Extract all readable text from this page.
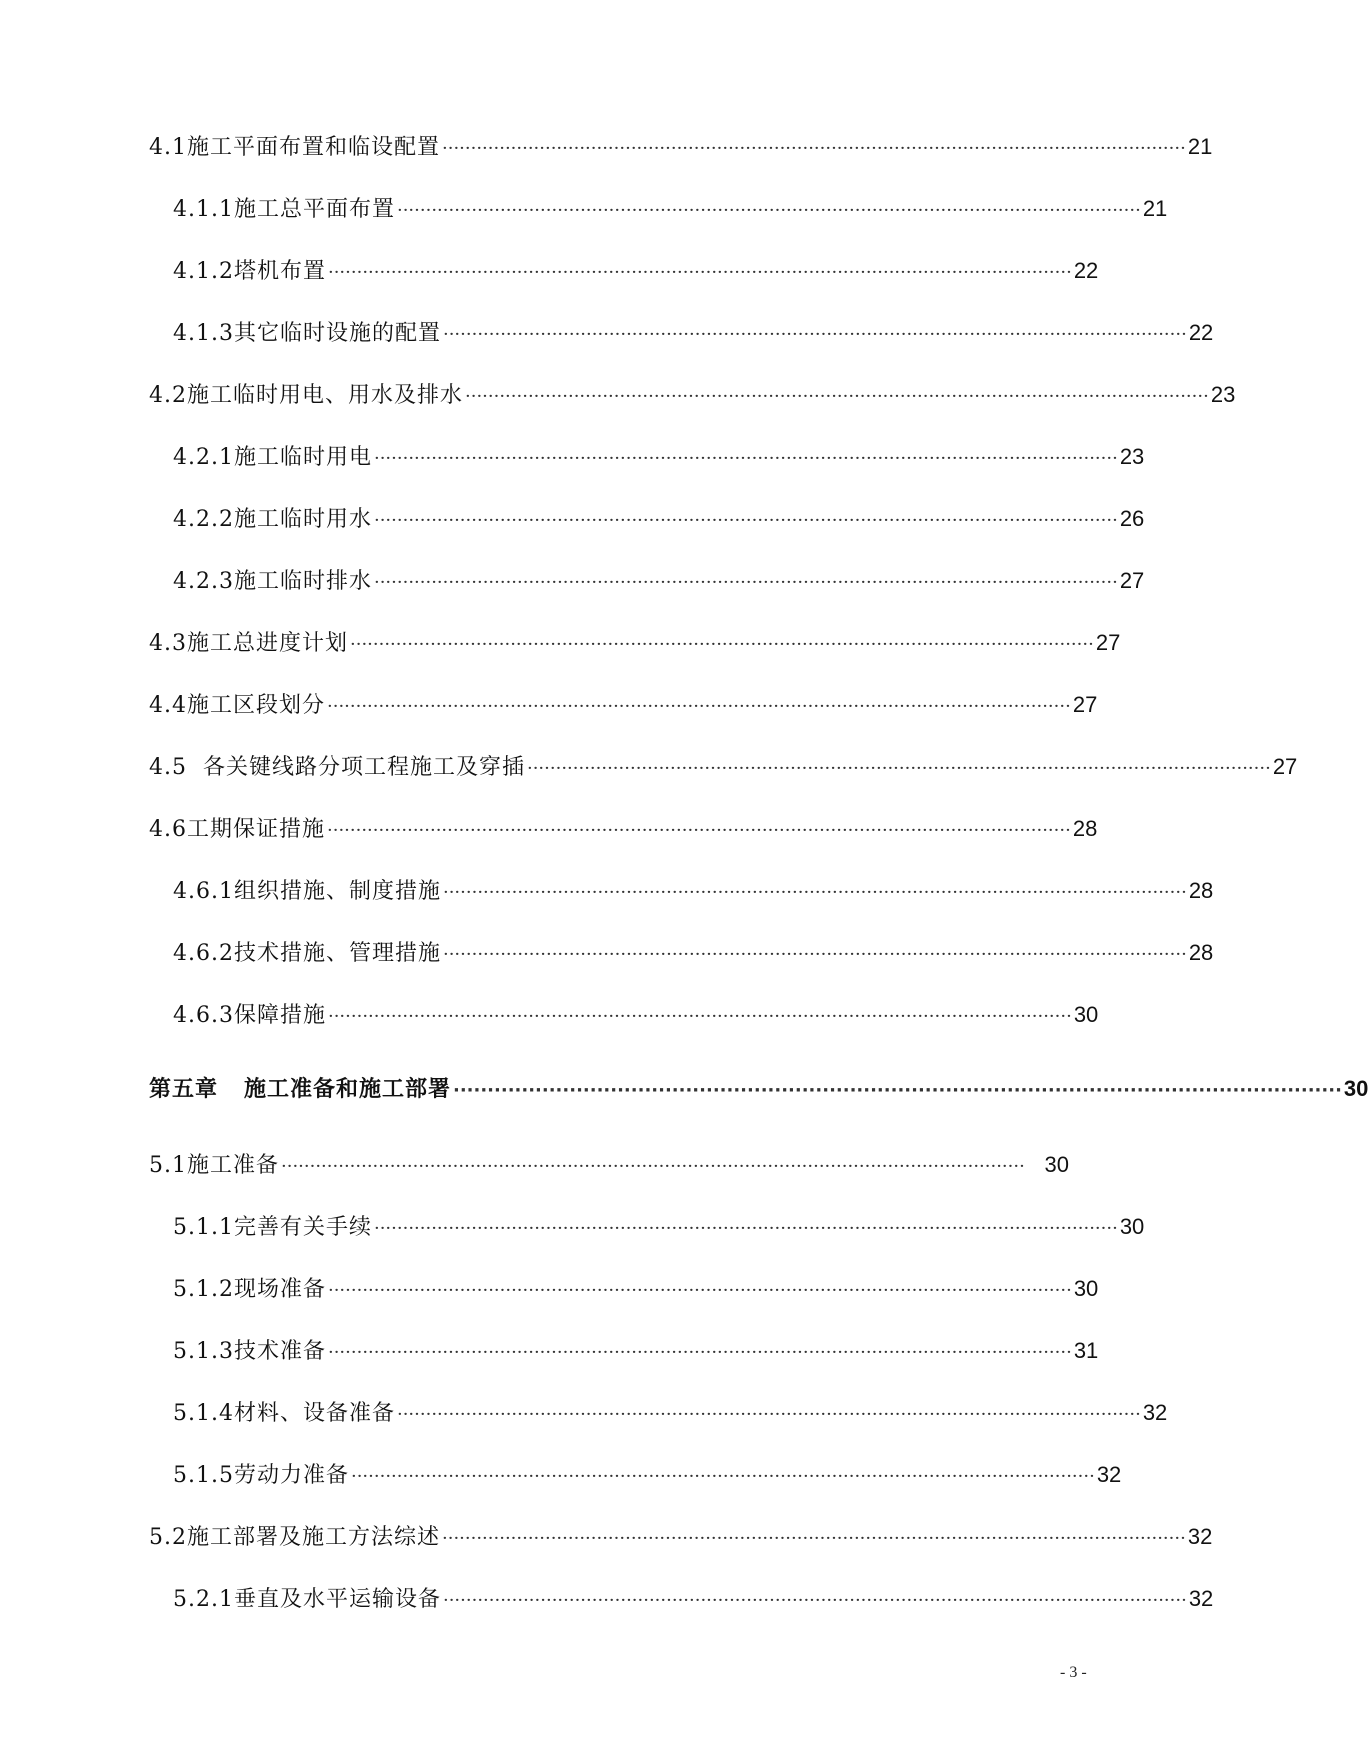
4.1施工平面布置和临设配置 ·································································································································· 21
4.1.1施工总平面布置 ·································································································································· 21
4.1.2塔机布置 ·································································································································· 22
4.1.3其它临时设施的配置 ·································································································································· 22
4.2施工临时用电、用水及排水 ·································································································································· 23
4.2.1施工临时用电 ·································································································································· 23
4.2.2施工临时用水 ·································································································································· 26
4.2.3施工临时排水 ·································································································································· 27
4.3施工总进度计划 ·································································································································· 27
4.4施工区段划分 ·································································································································· 27
4.5  各关键线路分项工程施工及穿插 ·································································································································· 27
4.6工期保证措施 ·································································································································· 28
4.6.1组织措施、制度措施 ·································································································································· 28
4.6.2技术措施、管理措施 ·································································································································· 28
4.6.3保障措施 ·································································································································· 30
第五章   施工准备和施工部署 ·································································································································· 30
5.1施工准备 ·································································································································· 30
5.1.1完善有关手续 ·································································································································· 30
5.1.2现场准备 ·································································································································· 30
5.1.3技术准备 ·································································································································· 31
5.1.4材料、设备准备 ·································································································································· 32
5.1.5劳动力准备 ·································································································································· 32
5.2施工部署及施工方法综述 ·································································································································· 32
5.2.1垂直及水平运输设备 ·································································································································· 32
- 3 -
